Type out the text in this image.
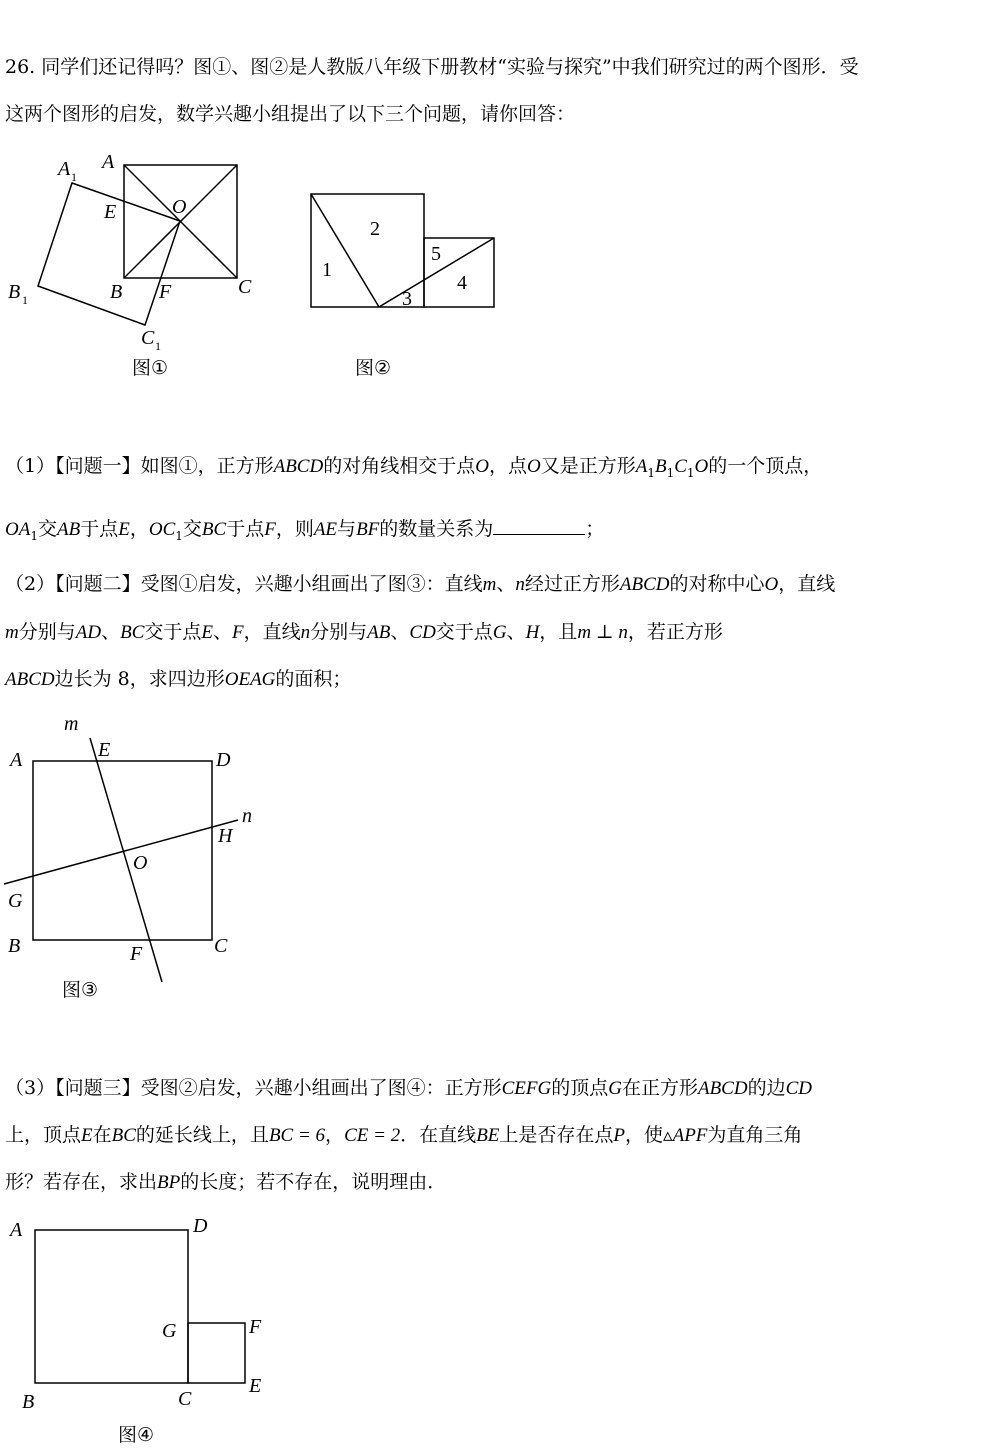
26. 同学们还记得吗？图①、图②是人教版八年级下册教材“实验与探究”中我们研究过的两个图形．受
这两个图形的启发，数学兴趣小组提出了以下三个问题，请你回答：
A 1
A
E	O
B 1	B F	C
C 1
图①
1
2
3
4
5
图②
（1）【问题一】如图①，正方形ABCD的对角线相交于点O，点O又是正方形$A_1B_1C_1O$的一个顶点，
$OA_1$交AB于点E，$OC_1$交BC于点F，则AE与BF的数量关系为	；
（2）【问题二】受图①启发，兴趣小组画出了图③：直线m、n经过正方形ABCD的对称中心O，直线
m分别与AD、BC交于点E、F，直线n分别与AB、CD交于点G、H，且m ⊥ n，若正方形
ABCD边长为 8，求四边形OEAG的面积；
m
E
A	D
n
H
O
G
B	F	C
图③
（3）【问题三】受图②启发，兴趣小组画出了图④：正方形CEFG的顶点G在正方形ABCD的边CD
上，顶点E在BC的延长线上，且BC = 6，CE = 2．在直线BE上是否存在点P，使▵APF为直角三角
形？若存在，求出BP的长度；若不存在，说明理由．
A	D
G	F
B	C
E
图④
